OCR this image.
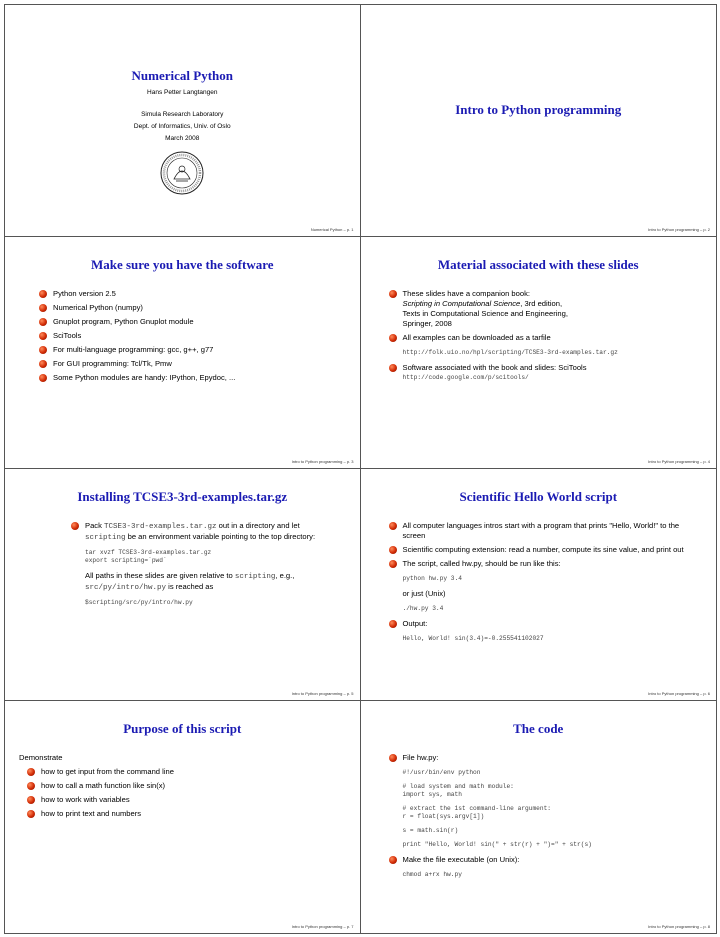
Numerical Python
Hans Petter Langtangen
Simula Research Laboratory
Dept. of Informatics, Univ. of Oslo
March 2008
Numerical Python – p. 1
Intro to Python programming
Intro to Python programming – p. 2
Make sure you have the software
Python version 2.5
Numerical Python (numpy)
Gnuplot program, Python Gnuplot module
SciTools
For multi-language programming: gcc, g++, g77
For GUI programming: Tcl/Tk, Pmw
Some Python modules are handy: IPython, Epydoc, ...
Intro to Python programming – p. 3
Material associated with these slides
These slides have a companion book:
Scripting in Computational Science, 3rd edition,
Texts in Computational Science and Engineering,
Springer, 2008
All examples can be downloaded as a tarfile
http://folk.uio.no/hpl/scripting/TCSE3-3rd-examples.tar.gz
Software associated with the book and slides: SciTools
http://code.google.com/p/scitools/
Intro to Python programming – p. 4
Installing TCSE3-3rd-examples.tar.gz
Pack TCSE3-3rd-examples.tar.gz out in a directory and let scripting be an environment variable pointing to the top directory:
tar xvzf TCSE3-3rd-examples.tar.gz
export scripting=`pwd`
All paths in these slides are given relative to scripting, e.g.,
src/py/intro/hw.py is reached as
$scripting/src/py/intro/hw.py
Intro to Python programming – p. 5
Scientific Hello World script
All computer languages intros start with a program that prints "Hello, World!" to the screen
Scientific computing extension: read a number, compute its sine value, and print out
The script, called hw.py, should be run like this:
python hw.py 3.4
or just (Unix)
./hw.py 3.4
Output:
Hello, World! sin(3.4)=-0.255541102027
Intro to Python programming – p. 6
Purpose of this script
Demonstrate
how to get input from the command line
how to call a math function like sin(x)
how to work with variables
how to print text and numbers
Intro to Python programming – p. 7
The code
File hw.py:
#!/usr/bin/env python
# load system and math module:
import sys, math
# extract the 1st command-line argument:
r = float(sys.argv[1])
s = math.sin(r)
print "Hello, World! sin(" + str(r) + ")=" + str(s)
Make the file executable (on Unix):
chmod a+rx hw.py
Intro to Python programming – p. 8
